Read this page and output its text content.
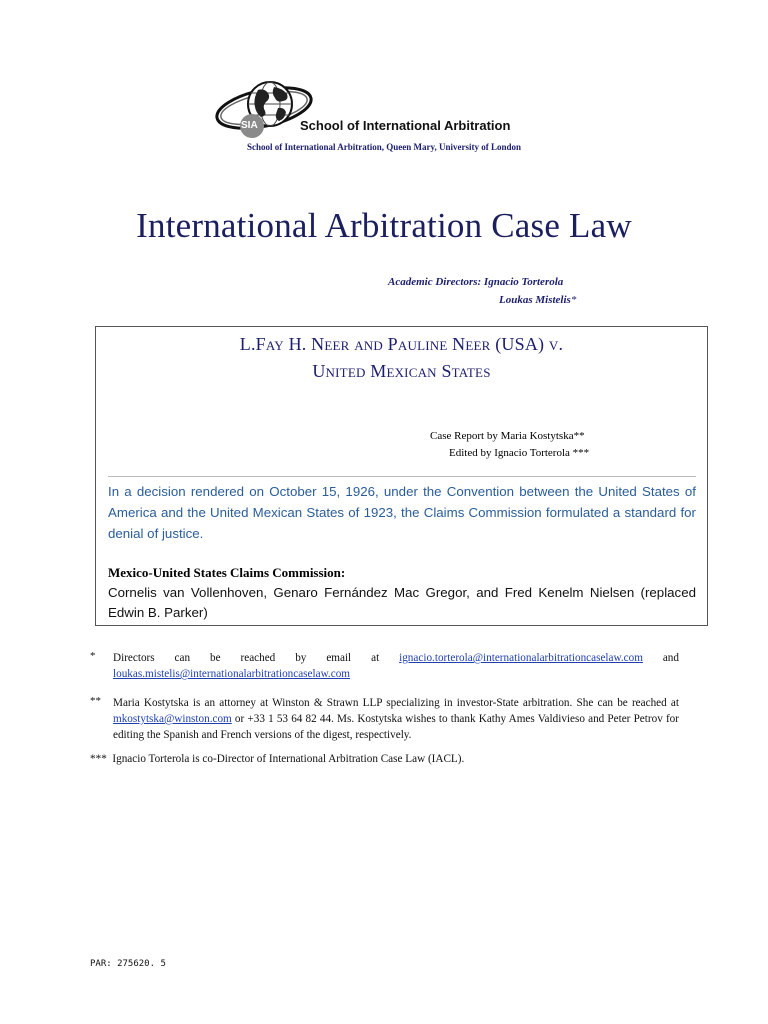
SIA	School of International Arbitration
School of International Arbitration, Queen Mary, University of London
International Arbitration Case Law
Academic Directors: Ignacio Torterola
Loukas Mistelis*
L.Fay H. Neer and Pauline Neer (USA) v.
United Mexican States
Case Report by Maria Kostytska**
Edited by Ignacio Torterola ***
In a decision rendered on October 15, 1926, under the Convention between the United States of America and the United Mexican States of 1923, the Claims Commission formulated a standard for denial of justice.
Mexico-United States Claims Commission:
Cornelis van Vollenhoven, Genaro Fernández Mac Gregor, and Fred Kenelm Nielsen (replaced Edwin B. Parker)
* Directors can be reached by email at ignacio.torterola@internationalarbitrationcaselaw.com and loukas.mistelis@internationalarbitrationcaselaw.com
** Maria Kostytska is an attorney at Winston & Strawn LLP specializing in investor-State arbitration. She can be reached at mkostytska@winston.com or +33 1 53 64 82 44. Ms. Kostytska wishes to thank Kathy Ames Valdivieso and Peter Petrov for editing the Spanish and French versions of the digest, respectively.
*** Ignacio Torterola is co-Director of International Arbitration Case Law (IACL).
PAR: 275620. 5
